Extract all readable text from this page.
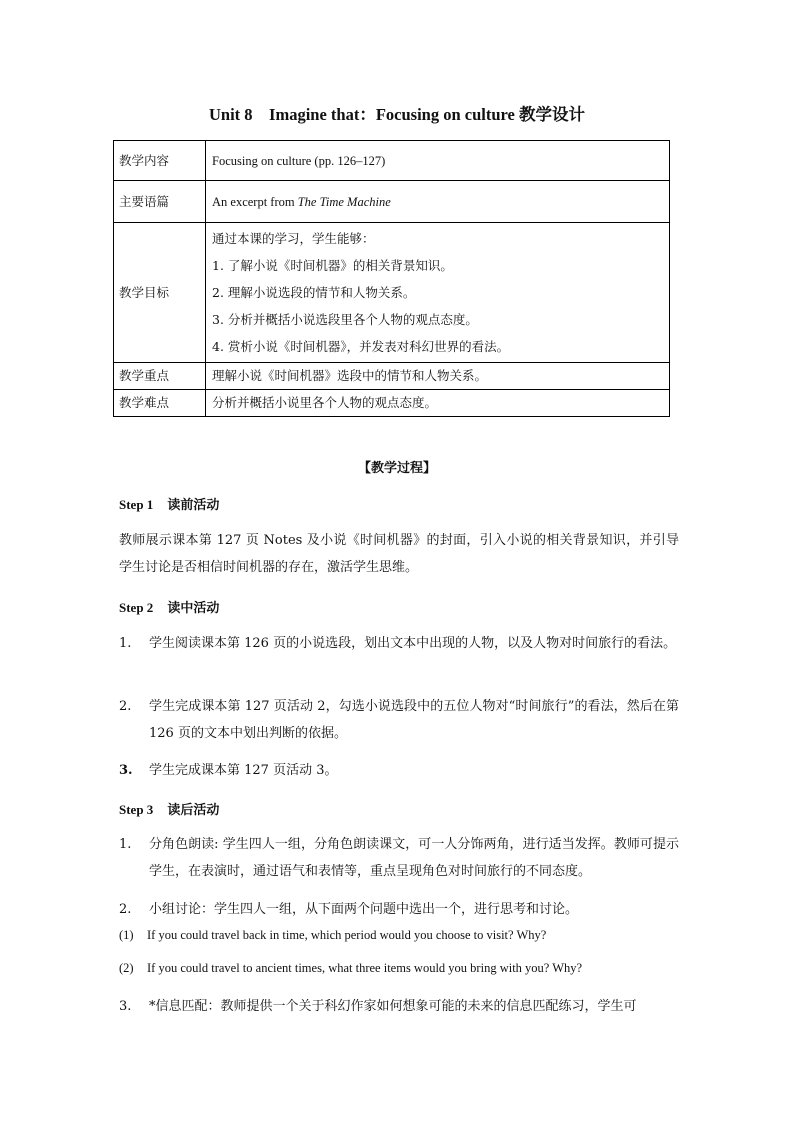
Unit 8　Imagine that：Focusing on culture 教学设计
教学内容	Focusing on culture (pp. 126–127)
主要语篇	An excerpt from The Time Machine
教学目标	通过本课的学习，学生能够：
1. 了解小说《时间机器》的相关背景知识。
2. 理解小说选段的情节和人物关系。
3. 分析并概括小说选段里各个人物的观点态度。
4. 赏析小说《时间机器》，并发表对科幻世界的看法。

教学重点	理解小说《时间机器》选段中的情节和人物关系。
教学难点	分析并概括小说里各个人物的观点态度。
【教学过程】
Step 1 读前活动
教师展示课本第 127 页 Notes 及小说《时间机器》的封面，引入小说的相关背景知识，并引导学生讨论是否相信时间机器的存在，激活学生思维。
Step 2 读中活动
1. 学生阅读课本第 126 页的小说选段，划出文本中出现的人物，以及人物对时间旅行的看法。
2. 学生完成课本第 127 页活动 2，勾选小说选段中的五位人物对“时间旅行”的看法，然后在第 126 页的文本中划出判断的依据。
3. 学生完成课本第 127 页活动 3。
Step 3 读后活动
1. 分角色朗读: 学生四人一组，分角色朗读课文，可一人分饰两角，进行适当发挥。教师可提示学生，在表演时，通过语气和表情等，重点呈现角色对时间旅行的不同态度。
2. 小组讨论：学生四人一组，从下面两个问题中选出一个，进行思考和讨论。
(1) If you could travel back in time, which period would you choose to visit? Why?
(2) If you could travel to ancient times, what three items would you bring with you? Why?
3. *信息匹配：教师提供一个关于科幻作家如何想象可能的未来的信息匹配练习，学生可
